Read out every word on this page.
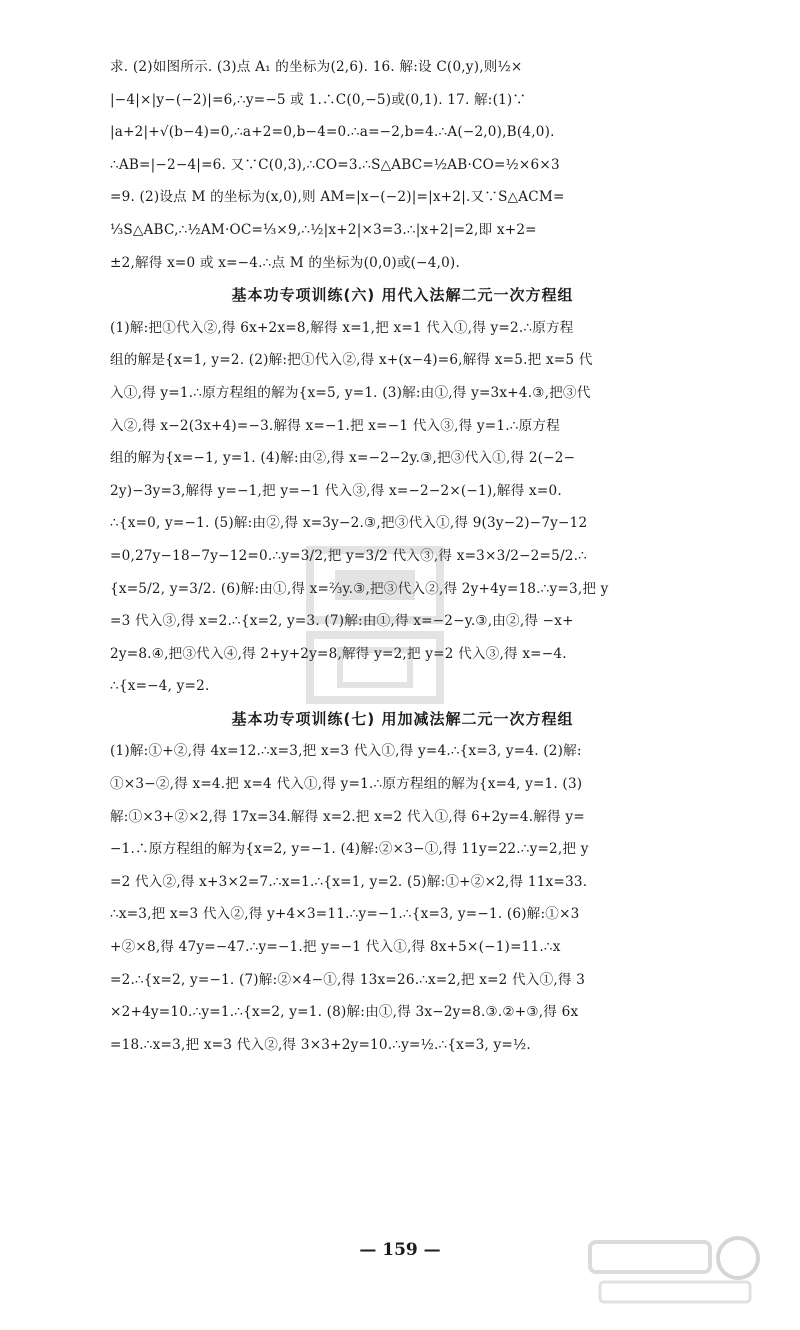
求. (2)如图所示. (3)点 A₁ 的坐标为(2,6). 16. 解:设 C(0,y),则½×
|−4|×|y−(−2)|=6,∴y=−5 或 1.∴C(0,−5)或(0,1). 17. 解:(1)∵
|a+2|+√(b−4)=0,∴a+2=0,b−4=0.∴a=−2,b=4.∴A(−2,0),B(4,0).
∴AB=|−2−4|=6. 又∵C(0,3),∴CO=3.∴S△ABC=½AB·CO=½×6×3
=9. (2)设点 M 的坐标为(x,0),则 AM=|x−(−2)|=|x+2|.又∵S△ACM=
⅓S△ABC,∴½AM·OC=⅓×9,∴½|x+2|×3=3.∴|x+2|=2,即 x+2=
±2,解得 x=0 或 x=−4.∴点 M 的坐标为(0,0)或(−4,0).
基本功专项训练(六) 用代入法解二元一次方程组
(1)解:把①代入②,得 6x+2x=8,解得 x=1,把 x=1 代入①,得 y=2.∴原方程
组的解是{x=1, y=2. (2)解:把①代入②,得 x+(x−4)=6,解得 x=5.把 x=5 代
入①,得 y=1.∴原方程组的解为{x=5, y=1. (3)解:由①,得 y=3x+4.③,把③代
入②,得 x−2(3x+4)=−3.解得 x=−1.把 x=−1 代入③,得 y=1.∴原方程
组的解为{x=−1, y=1. (4)解:由②,得 x=−2−2y.③,把③代入①,得 2(−2−
2y)−3y=3,解得 y=−1,把 y=−1 代入③,得 x=−2−2×(−1),解得 x=0.
∴{x=0, y=−1. (5)解:由②,得 x=3y−2.③,把③代入①,得 9(3y−2)−7y−12
=0,27y−18−7y−12=0.∴y=3/2,把 y=3/2 代入③,得 x=3×3/2−2=5/2.∴
{x=5/2, y=3/2. (6)解:由①,得 x=⅔y.③,把③代入②,得 2y+4y=18.∴y=3,把 y
=3 代入③,得 x=2.∴{x=2, y=3. (7)解:由①,得 x=−2−y.③,由②,得 −x+
2y=8.④,把③代入④,得 2+y+2y=8,解得 y=2,把 y=2 代入③,得 x=−4.
∴{x=−4, y=2.
基本功专项训练(七) 用加减法解二元一次方程组
(1)解:①+②,得 4x=12.∴x=3,把 x=3 代入①,得 y=4.∴{x=3, y=4. (2)解:
①×3−②,得 x=4.把 x=4 代入①,得 y=1.∴原方程组的解为{x=4, y=1. (3)
解:①×3+②×2,得 17x=34.解得 x=2.把 x=2 代入①,得 6+2y=4.解得 y=
−1.∴原方程组的解为{x=2, y=−1. (4)解:②×3−①,得 11y=22.∴y=2,把 y
=2 代入②,得 x+3×2=7.∴x=1.∴{x=1, y=2. (5)解:①+②×2,得 11x=33.
∴x=3,把 x=3 代入②,得 y+4×3=11.∴y=−1.∴{x=3, y=−1. (6)解:①×3
+②×8,得 47y=−47.∴y=−1.把 y=−1 代入①,得 8x+5×(−1)=11.∴x
=2.∴{x=2, y=−1. (7)解:②×4−①,得 13x=26.∴x=2,把 x=2 代入①,得 3
×2+4y=10.∴y=1.∴{x=2, y=1. (8)解:由①,得 3x−2y=8.③.②+③,得 6x
=18.∴x=3,把 x=3 代入②,得 3×3+2y=10.∴y=½.∴{x=3, y=½.
— 159 —
